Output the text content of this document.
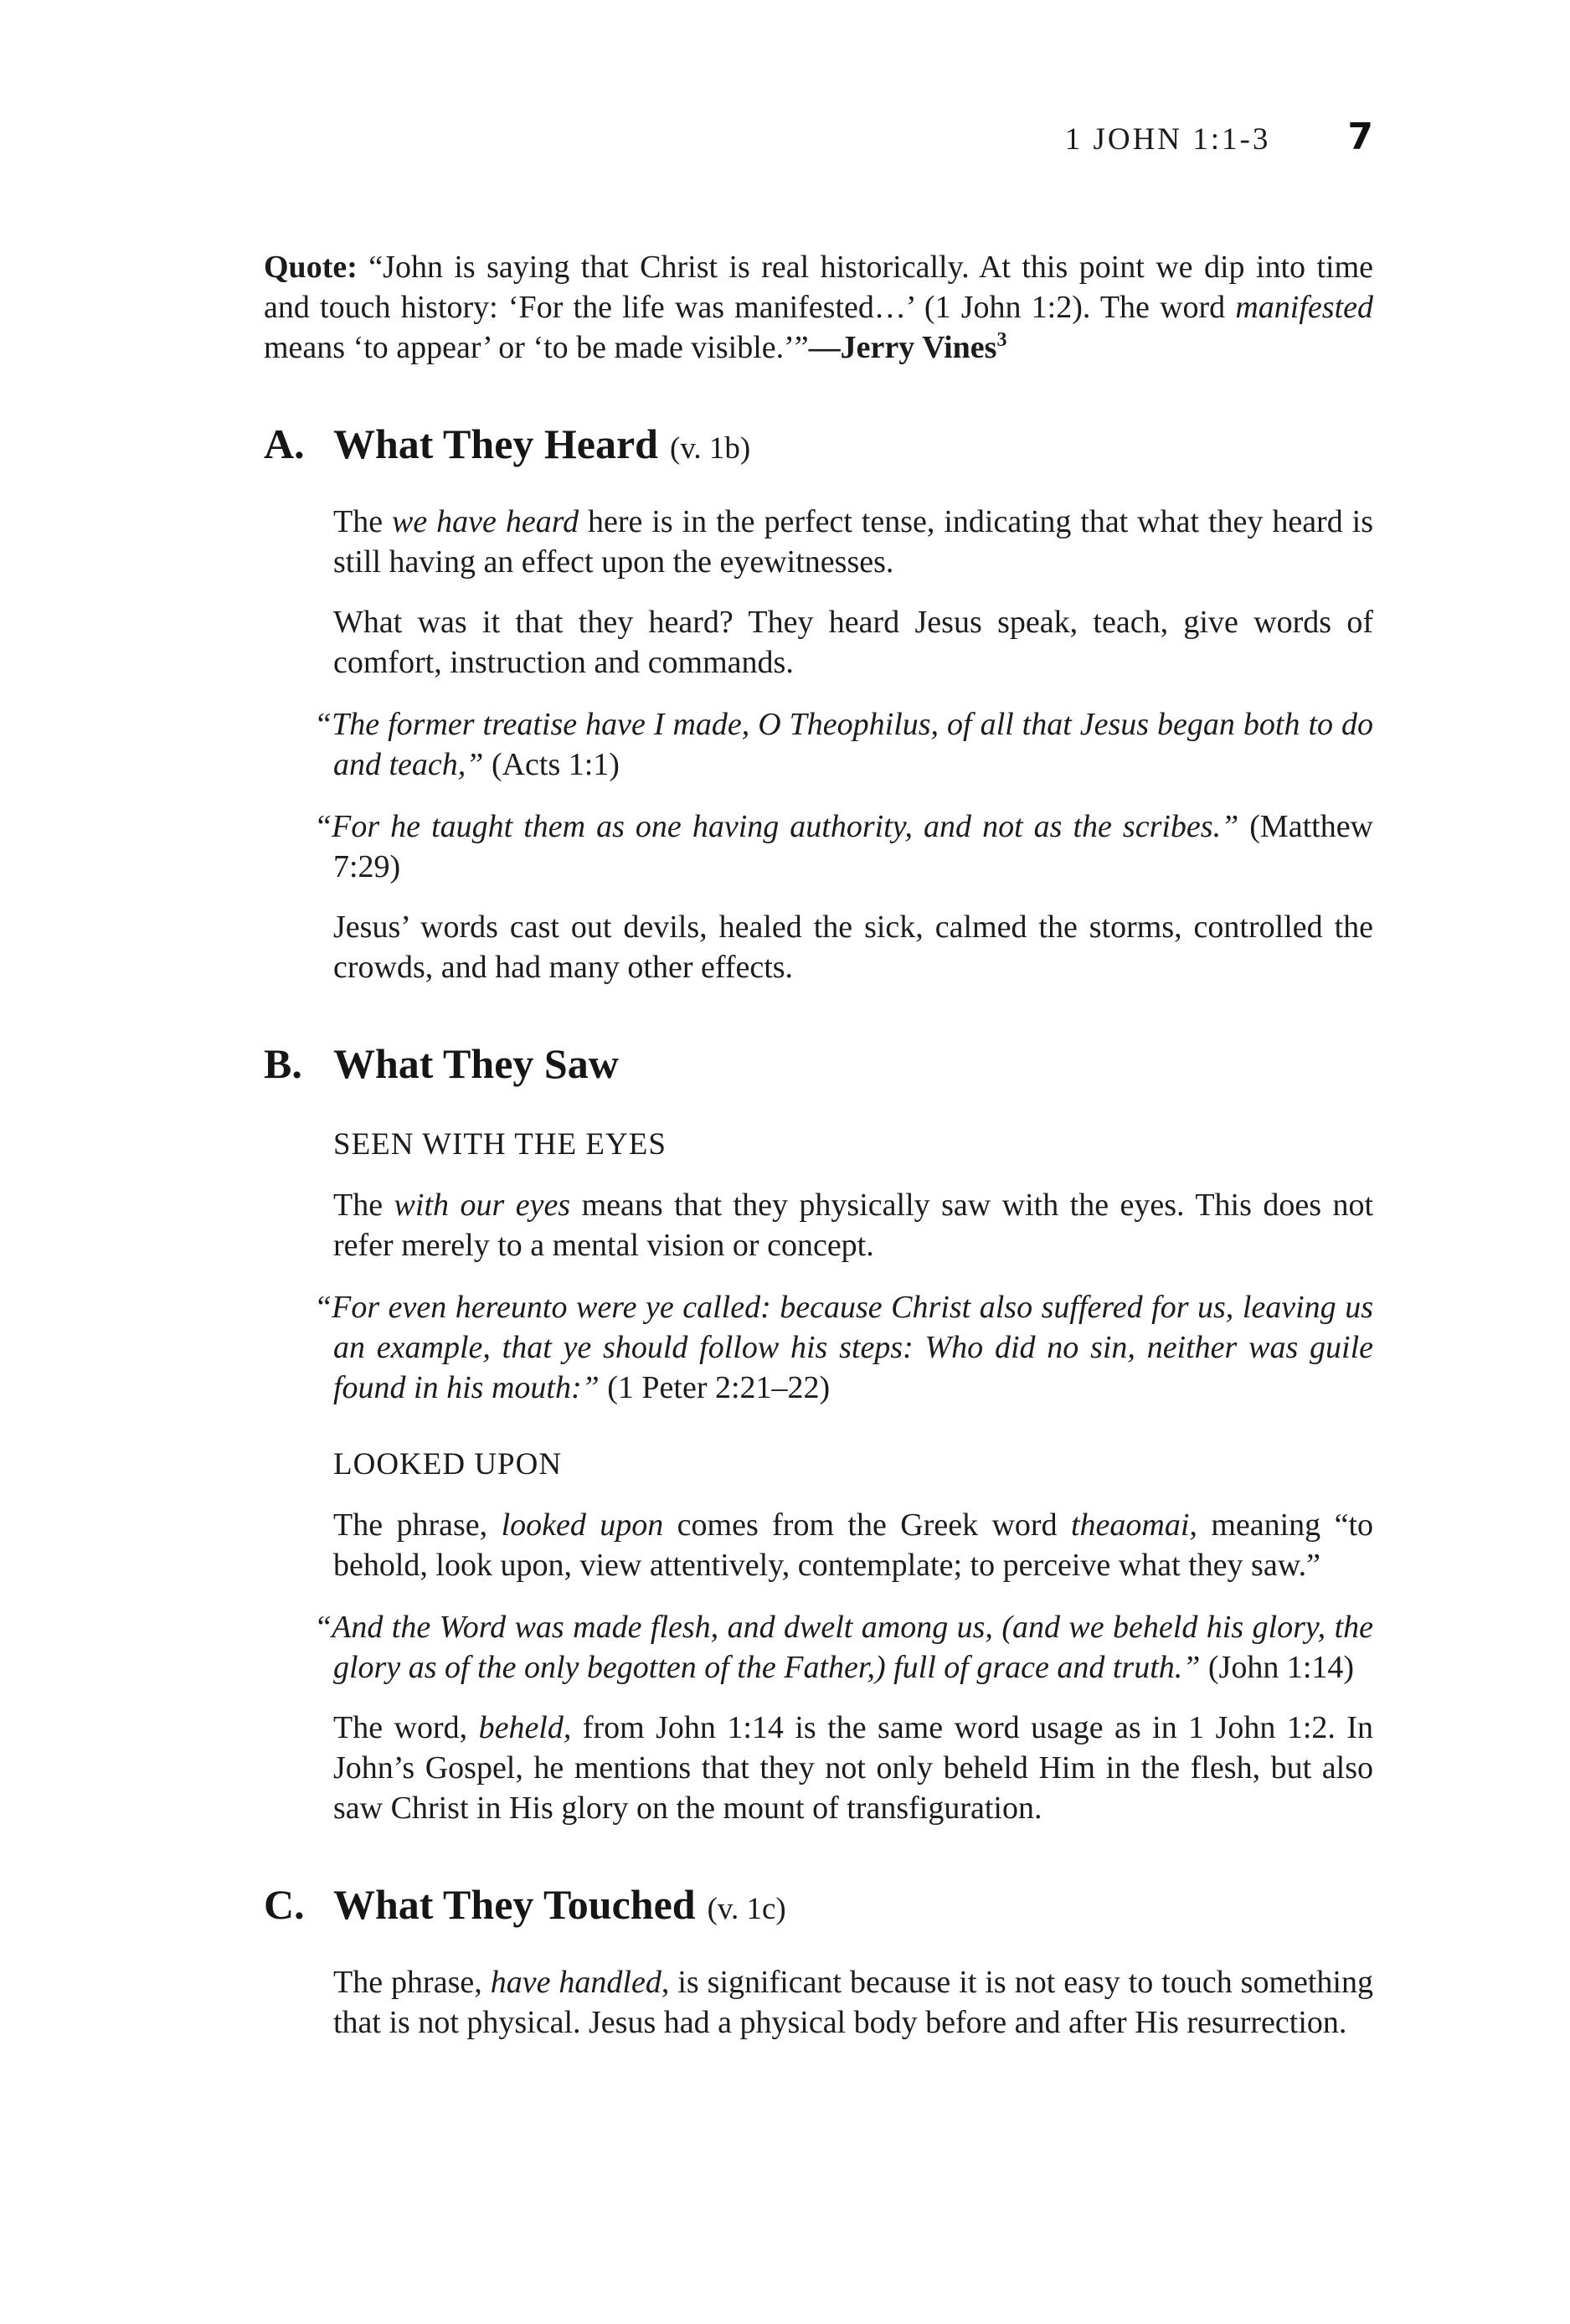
1 JOHN 1:1-3 7

Quote: “John is saying that Christ is real historically. At this point we dip into time and touch history: ‘For the life was manifested…’ (1 John 1:2). The word manifested means ‘to appear’ or ‘to be made visible.’”—Jerry Vines$^3$

A. What They Heard (v. 1b)

The we have heard here is in the perfect tense, indicating that what they heard is still having an effect upon the eyewitnesses.

What was it that they heard? They heard Jesus speak, teach, give words of comfort, instruction and commands.

“The former treatise have I made, O Theophilus, of all that Jesus began both to do and teach,” (Acts 1:1)

“For he taught them as one having authority, and not as the scribes.” (Matthew 7:29)

Jesus’ words cast out devils, healed the sick, calmed the storms, controlled the crowds, and had many other effects.

B. What They Saw
SEEN WITH THE EYES

The with our eyes means that they physically saw with the eyes. This does not refer merely to a mental vision or concept.

“For even hereunto were ye called: because Christ also suffered for us, leaving us an example, that ye should follow his steps: Who did no sin, neither was guile found in his mouth:” (1 Peter 2:21–22)

LOOKED UPON

The phrase, looked upon comes from the Greek word theaomai, meaning “to behold, look upon, view attentively, contemplate; to perceive what they saw.”

“And the Word was made flesh, and dwelt among us, (and we beheld his glory, the glory as of the only begotten of the Father,) full of grace and truth.” (John 1:14)

The word, beheld, from John 1:14 is the same word usage as in 1 John 1:2. In John’s Gospel, he mentions that they not only beheld Him in the flesh, but also saw Christ in His glory on the mount of transfiguration.

C. What They Touched (v. 1c)

The phrase, have handled, is significant because it is not easy to touch something that is not physical. Jesus had a physical body before and after His resurrection.
